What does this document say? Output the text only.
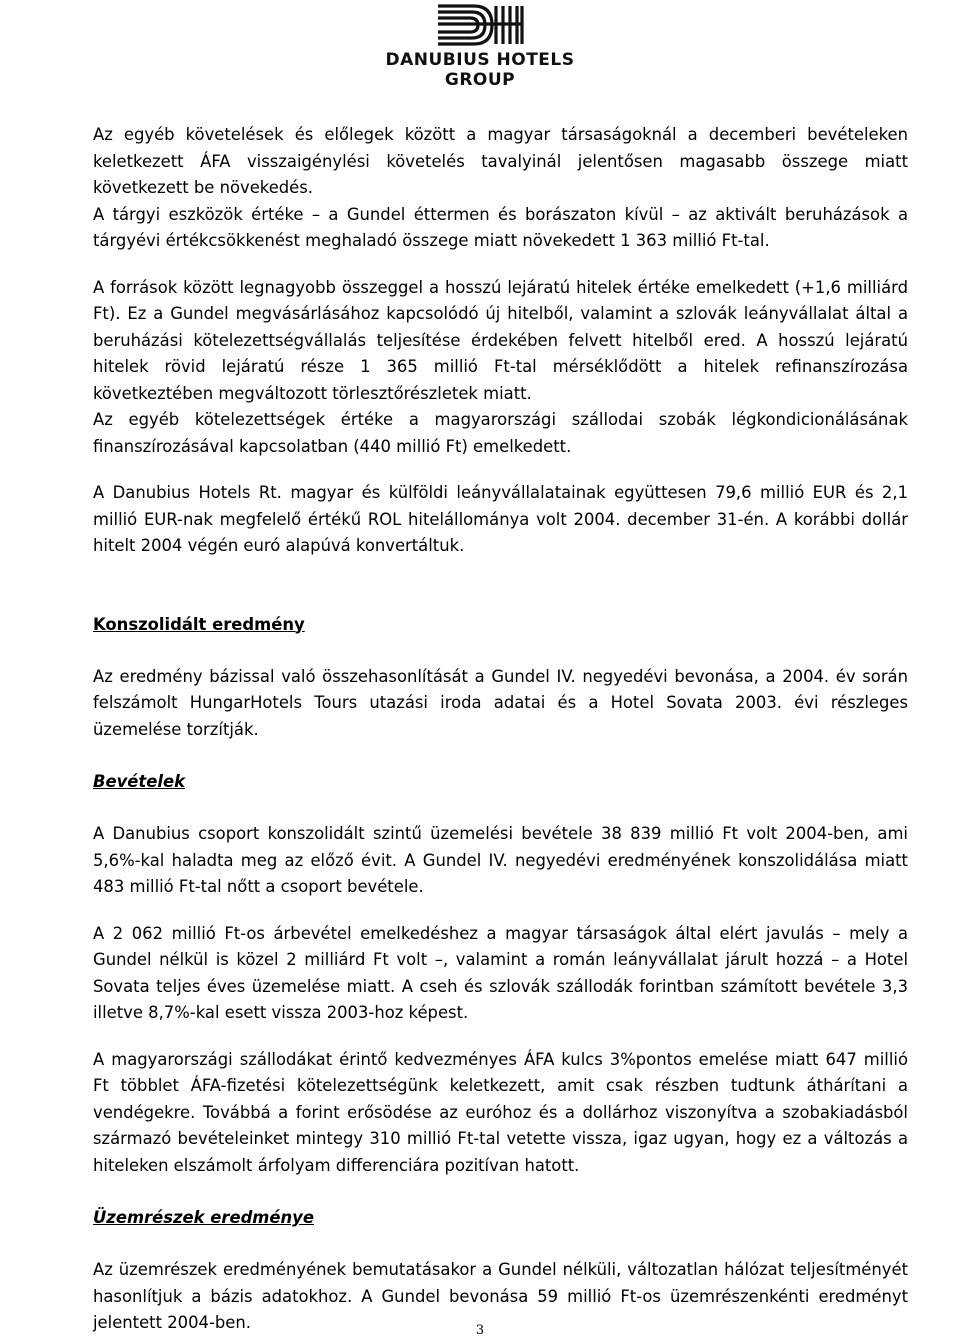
DANUBIUS HOTELS
GROUP

Az egyéb követelések és előlegek között a magyar társaságoknál a decemberi bevételeken keletkezett ÁFA visszaigénylési követelés tavalyinál jelentősen magasabb összege miatt következett be növekedés.

A tárgyi eszközök értéke – a Gundel éttermen és borászaton kívül – az aktivált beruházások a tárgyévi értékcsökkenést meghaladó összege miatt növekedett 1 363 millió Ft-tal.

A források között legnagyobb összeggel a hosszú lejáratú hitelek értéke emelkedett (+1,6 milliárd Ft). Ez a Gundel megvásárlásához kapcsolódó új hitelből, valamint a szlovák leányvállalat által a beruházási kötelezettségvállalás teljesítése érdekében felvett hitelből ered. A hosszú lejáratú hitelek rövid lejáratú része 1 365 millió Ft-tal mérséklődött a hitelek refinanszírozása következtében megváltozott törlesztőrészletek miatt.

Az egyéb kötelezettségek értéke a magyarországi szállodai szobák légkondicionálásának finanszírozásával kapcsolatban (440 millió Ft) emelkedett.

A Danubius Hotels Rt. magyar és külföldi leányvállalatainak együttesen 79,6 millió EUR és 2,1 millió EUR-nak megfelelő értékű ROL hitelállománya volt 2004. december 31-én. A korábbi dollár hitelt 2004 végén euró alapúvá konvertáltuk.

Konszolidált eredmény

Az eredmény bázissal való összehasonlítását a Gundel IV. negyedévi bevonása, a 2004. év során felszámolt HungarHotels Tours utazási iroda adatai és a Hotel Sovata 2003. évi részleges üzemelése torzítják.

Bevételek

A Danubius csoport konszolidált szintű üzemelési bevétele 38 839 millió Ft volt 2004-ben, ami 5,6%-kal haladta meg az előző évit. A Gundel IV. negyedévi eredményének konszolidálása miatt 483 millió Ft-tal nőtt a csoport bevétele.

A 2 062 millió Ft-os árbevétel emelkedéshez a magyar társaságok által elért javulás – mely a Gundel nélkül is közel 2 milliárd Ft volt –, valamint a román leányvállalat járult hozzá – a Hotel Sovata teljes éves üzemelése miatt. A cseh és szlovák szállodák forintban számított bevétele 3,3 illetve 8,7%-kal esett vissza 2003-hoz képest.

A magyarországi szállodákat érintő kedvezményes ÁFA kulcs 3%pontos emelése miatt 647 millió Ft többlet ÁFA-fizetési kötelezettségünk keletkezett, amit csak részben tudtunk áthárítani a vendégekre. Továbbá a forint erősödése az euróhoz és a dollárhoz viszonyítva a szobakiadásból származó bevételeinket mintegy 310 millió Ft-tal vetette vissza, igaz ugyan, hogy ez a változás a hiteleken elszámolt árfolyam differenciára pozitívan hatott.

Üzemrészek eredménye

Az üzemrészek eredményének bemutatásakor a Gundel nélküli, változatlan hálózat teljesítményét hasonlítjuk a bázis adatokhoz. A Gundel bevonása 59 millió Ft-os üzemrészenkénti eredményt jelentett 2004-ben.	3
